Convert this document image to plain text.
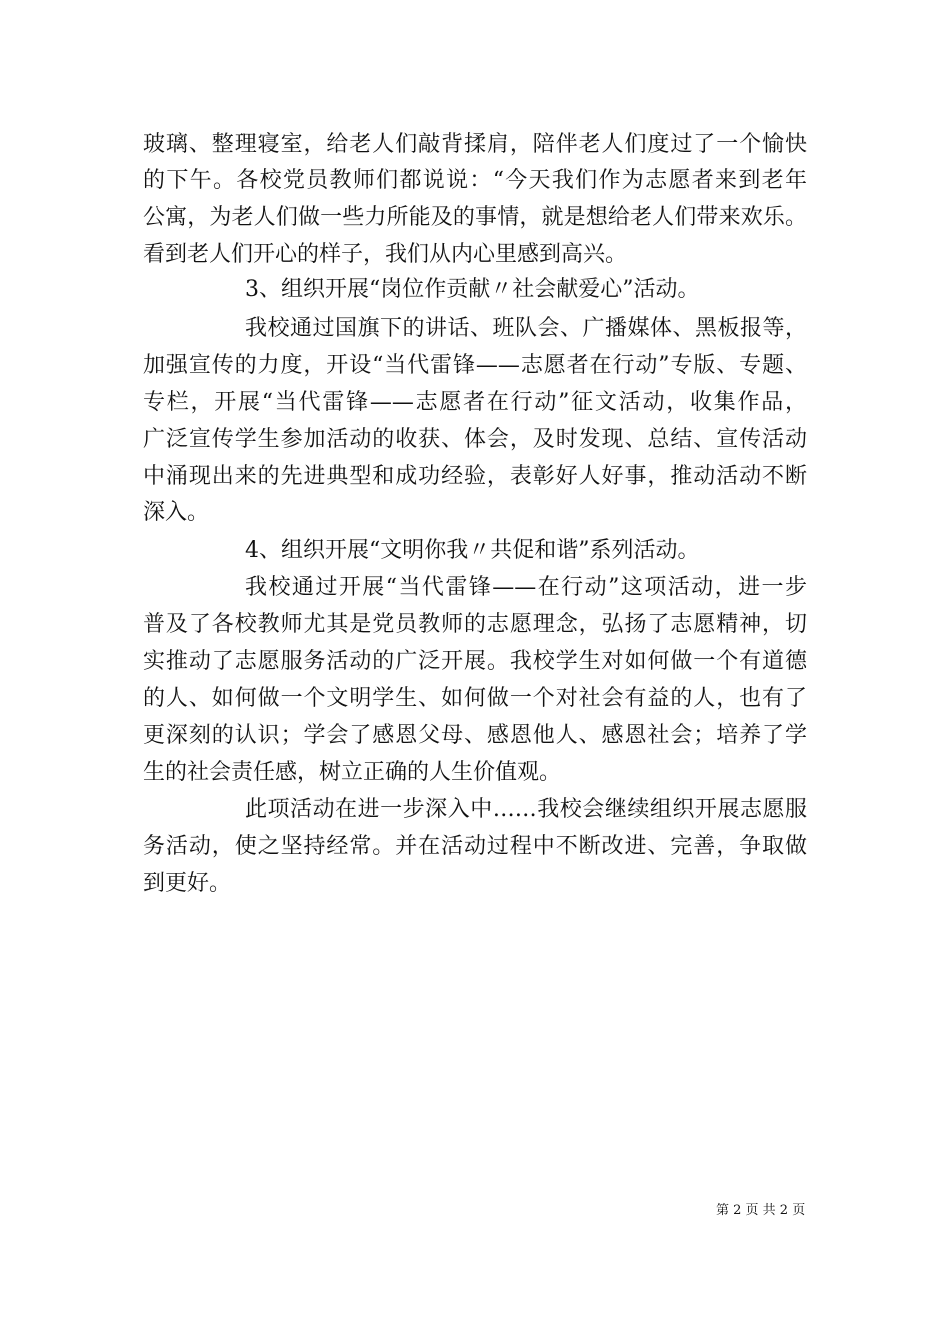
玻璃、整理寝室，给老人们敲背揉肩，陪伴老人们度过了一个愉快
的下午。各校党员教师们都说说：“今天我们作为志愿者来到老年
公寓，为老人们做一些力所能及的事情，就是想给老人们带来欢乐。
看到老人们开心的样子，我们从内心里感到高兴。
3、组织开展“岗位作贡献〃社会献爱心”活动。
我校通过国旗下的讲话、班队会、广播媒体、黑板报等，
加强宣传的力度，开设“当代雷锋——志愿者在行动”专版、专题、
专栏，开展“当代雷锋——志愿者在行动”征文活动，收集作品，
广泛宣传学生参加活动的收获、体会，及时发现、总结、宣传活动
中涌现出来的先进典型和成功经验，表彰好人好事，推动活动不断
深入。
4、组织开展“文明你我〃共促和谐”系列活动。
我校通过开展“当代雷锋——在行动”这项活动，进一步
普及了各校教师尤其是党员教师的志愿理念，弘扬了志愿精神，切
实推动了志愿服务活动的广泛开展。我校学生对如何做一个有道德
的人、如何做一个文明学生、如何做一个对社会有益的人，也有了
更深刻的认识；学会了感恩父母、感恩他人、感恩社会；培养了学
生的社会责任感，树立正确的人生价值观。
此项活动在进一步深入中……我校会继续组织开展志愿服
务活动，使之坚持经常。并在活动过程中不断改进、完善，争取做
到更好。
第 2 页 共 2 页
